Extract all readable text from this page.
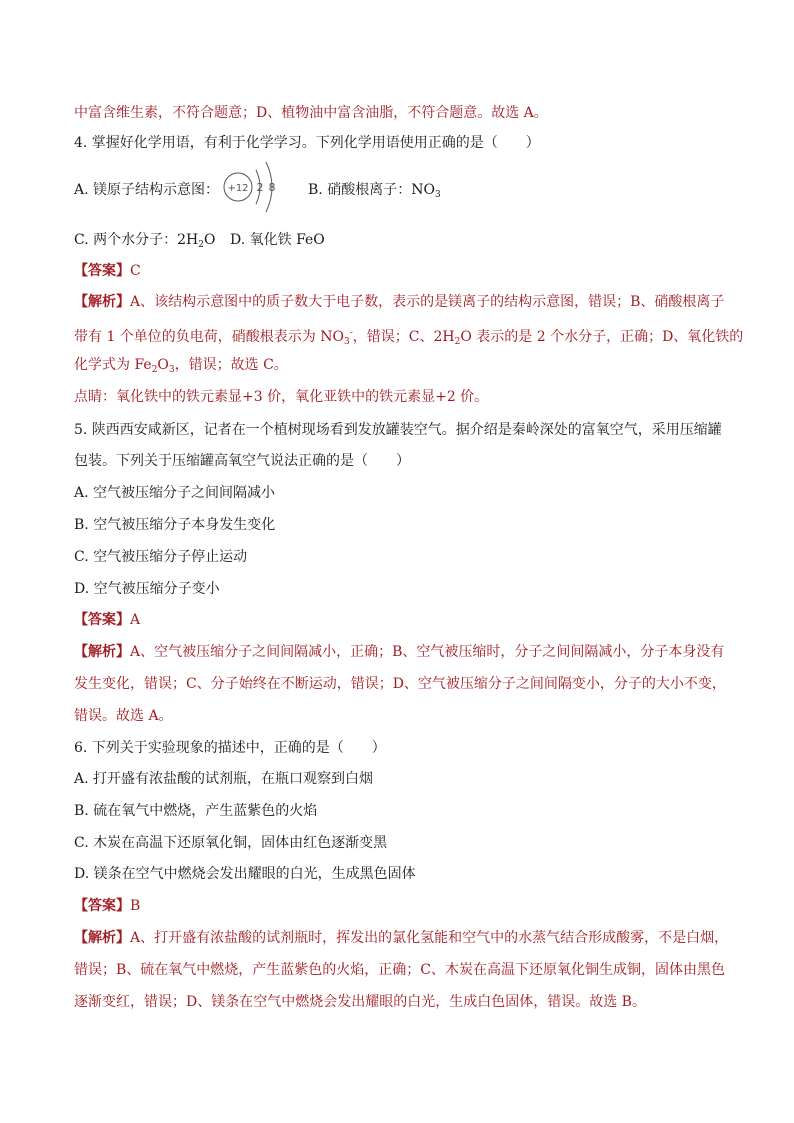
中富含维生素，不符合题意；D、植物油中富含油脂，不符合题意。故选 A。
4. 掌握好化学用语，有利于化学学习。下列化学用语使用正确的是（　　）
A. 镁原子结构示意图： +12 2 8 B. 硝酸根离子：$NO_3$
C. 两个水分子：$2H_2O$ D. 氧化铁 FeO
【答案】C
【解析】A、该结构示意图中的质子数大于电子数，表示的是镁离子的结构示意图，错误；B、硝酸根离子
带有 1 个单位的负电荷，硝酸根表示为 $NO_3^-$，错误；C、$2H_2O$ 表示的是 2 个水分子，正确；D、氧化铁的
化学式为 $Fe_2O_3$，错误；故选 C。
点睛：氧化铁中的铁元素显+3 价，氧化亚铁中的铁元素显+2 价。
5. 陕西西安咸新区，记者在一个植树现场看到发放罐装空气。据介绍是秦岭深处的富氧空气，采用压缩罐
包装。下列关于压缩罐高氧空气说法正确的是（　　）
A. 空气被压缩分子之间间隔减小
B. 空气被压缩分子本身发生变化
C. 空气被压缩分子停止运动
D. 空气被压缩分子变小
【答案】A
【解析】A、空气被压缩分子之间间隔减小，正确；B、空气被压缩时，分子之间间隔减小，分子本身没有
发生变化，错误；C、分子始终在不断运动，错误；D、空气被压缩分子之间间隔变小，分子的大小不变，
错误。故选 A。
6. 下列关于实验现象的描述中，正确的是（　　）
A. 打开盛有浓盐酸的试剂瓶，在瓶口观察到白烟
B. 硫在氧气中燃烧，产生蓝紫色的火焰
C. 木炭在高温下还原氧化铜，固体由红色逐渐变黑
D. 镁条在空气中燃烧会发出耀眼的白光，生成黑色固体
【答案】B
【解析】A、打开盛有浓盐酸的试剂瓶时，挥发出的氯化氢能和空气中的水蒸气结合形成酸雾，不是白烟，
错误；B、硫在氧气中燃烧，产生蓝紫色的火焰，正确；C、木炭在高温下还原氧化铜生成铜，固体由黑色
逐渐变红，错误；D、镁条在空气中燃烧会发出耀眼的白光，生成白色固体，错误。故选 B。
